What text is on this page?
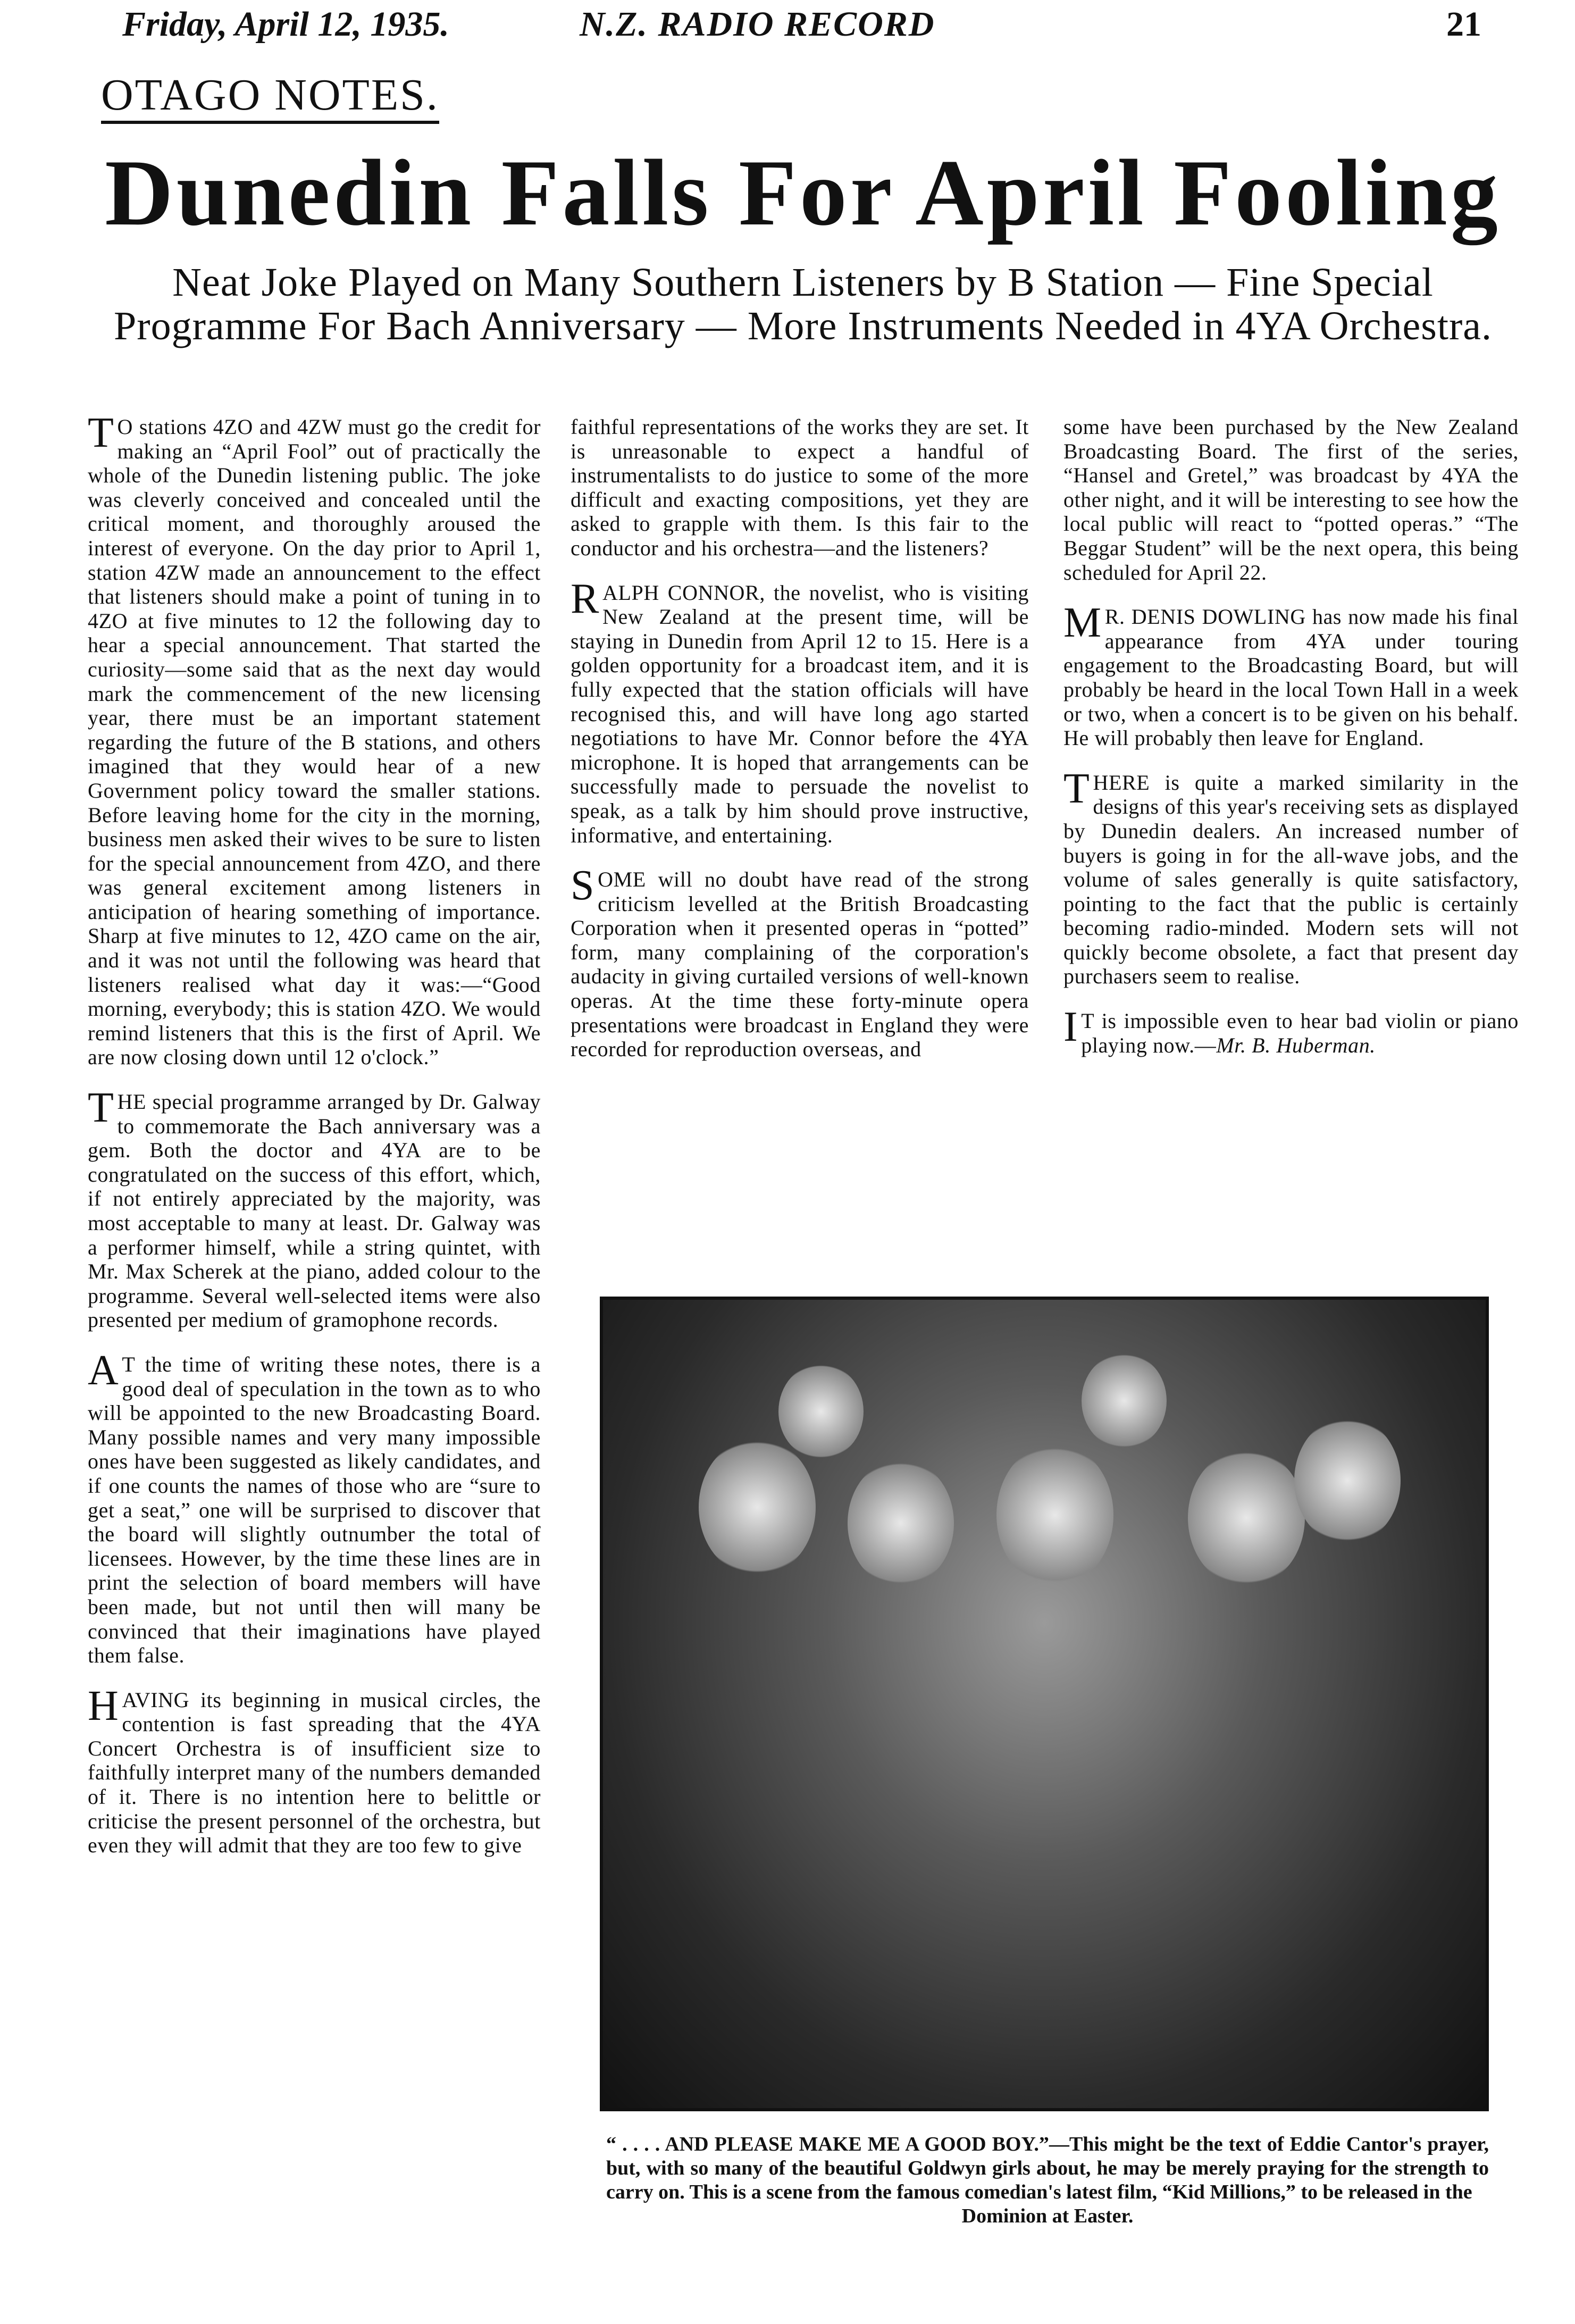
Friday, April 12, 1935.	N.Z. RADIO RECORD	21
OTAGO NOTES.
Dunedin Falls For April Fooling
Neat Joke Played on Many Southern Listeners by B Station — Fine Special Programme For Bach Anniversary — More Instruments Needed in 4YA Orchestra.

T O stations 4ZO and 4ZW must go the credit for making an “April Fool” out of practically the whole of the Dunedin listening public. The joke was cleverly conceived and concealed until the critical moment, and thoroughly aroused the interest of everyone. On the day prior to April 1, station 4ZW made an announcement to the effect that listeners should make a point of tuning in to 4ZO at five minutes to 12 the following day to hear a special announcement. That started the curiosity—some said that as the next day would mark the commencement of the new licensing year, there must be an important statement regarding the future of the B stations, and others imagined that they would hear of a new Government policy toward the smaller stations. Before leaving home for the city in the morning, business men asked their wives to be sure to listen for the special announcement from 4ZO, and there was general excitement among listeners in anticipation of hearing something of importance. Sharp at five minutes to 12, 4ZO came on the air, and it was not until the following was heard that listeners realised what day it was:—“Good morning, everybody; this is station 4ZO. We would remind listeners that this is the first of April. We are now closing down until 12 o'clock.”

THE special programme arranged by Dr. Galway to commemorate the Bach anniversary was a gem. Both the doctor and 4YA are to be congratulated on the success of this effort, which, if not entirely appreciated by the majority, was most acceptable to many at least. Dr. Galway was a performer himself, while a string quintet, with Mr. Max Scherek at the piano, added colour to the programme. Several well-selected items were also presented per medium of gramophone records.

A T the time of writing these notes, there is a good deal of speculation in the town as to who will be appointed to the new Broadcasting Board. Many possible names and very many impossible ones have been suggested as likely candidates, and if one counts the names of those who are “sure to get a seat,” one will be surprised to discover that the board will slightly outnumber the total of licensees. However, by the time these lines are in print the selection of board members will have been made, but not until then will many be convinced that their imaginations have played them false.

HAVING its beginning in musical circles, the contention is fast spreading that the 4YA Concert Orchestra is of insufficient size to faithfully interpret many of the numbers demanded of it. There is no intention here to belittle or criticise the present personnel of the orchestra, but even they will admit that they are too few to give

faithful representations of the works they are set. It is unreasonable to expect a handful of instrumentalists to do justice to some of the more difficult and exacting compositions, yet they are asked to grapple with them. Is this fair to the conductor and his orchestra—and the listeners?

RALPH CONNOR, the novelist, who is visiting New Zealand at the present time, will be staying in Dunedin from April 12 to 15. Here is a golden opportunity for a broadcast item, and it is fully expected that the station officials will have recognised this, and will have long ago started negotiations to have Mr. Connor before the 4YA microphone. It is hoped that arrangements can be successfully made to persuade the novelist to speak, as a talk by him should prove instructive, informative, and entertaining.

SOME will no doubt have read of the strong criticism levelled at the British Broadcasting Corporation when it presented operas in “potted” form, many complaining of the corporation's audacity in giving curtailed versions of well-known operas. At the time these forty-minute opera presentations were broadcast in England they were recorded for reproduction overseas, and

some have been purchased by the New Zealand Broadcasting Board. The first of the series, “Hansel and Gretel,” was broadcast by 4YA the other night, and it will be interesting to see how the local public will react to “potted operas.” “The Beggar Student” will be the next opera, this being scheduled for April 22.

M R. DENIS DOWLING has now made his final appearance from 4YA under touring engagement to the Broadcasting Board, but will probably be heard in the local Town Hall in a week or two, when a concert is to be given on his behalf. He will probably then leave for England.

THERE is quite a marked similarity in the designs of this year's receiving sets as displayed by Dunedin dealers. An increased number of buyers is going in for the all-wave jobs, and the volume of sales generally is quite satisfactory, pointing to the fact that the public is certainly becoming radio-minded. Modern sets will not quickly become obsolete, a fact that present day purchasers seem to realise.

I T is impossible even to hear bad violin or piano playing now.—Mr. B. Huberman.

“ . . . . AND PLEASE MAKE ME A GOOD BOY.”—This might be the text of Eddie Cantor's prayer, but, with so many of the beautiful Goldwyn girls about, he may be merely praying for the strength to carry on. This is a scene from the famous comedian's latest film, “Kid Millions,” to be released in the
Dominion at Easter.
